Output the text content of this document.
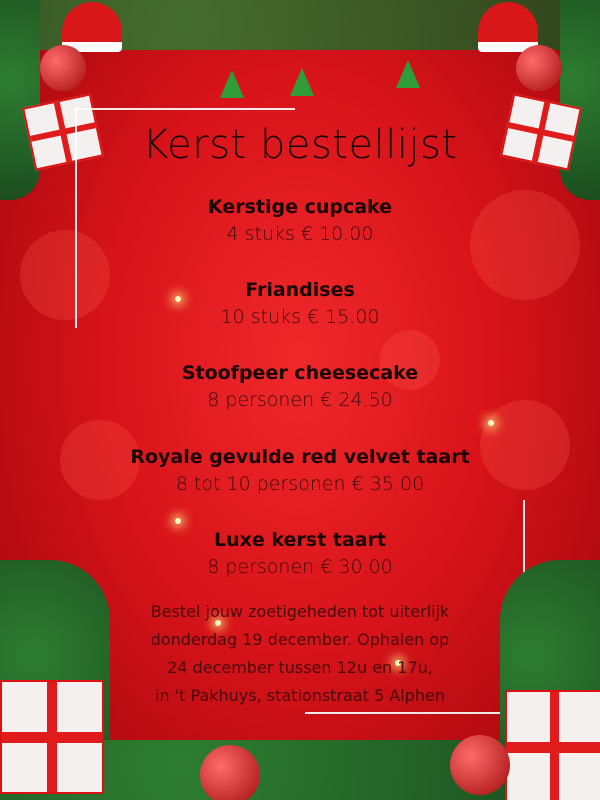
Kerst bestellijst
Kerstige cupcake
4 stuks € 10.00
Friandises
10 stuks € 15.00
Stoofpeer cheesecake
8 personen € 24.50
Royale gevulde red velvet taart
8 tot 10 personen € 35.00
Luxe kerst taart
8 personen € 30.00
Bestel jouw zoetigeheden tot uiterlijk
donderdag 19 december. Ophalen op
24 december tussen 12u en 17u,
in 't Pakhuys, stationstraat 5 Alphen
